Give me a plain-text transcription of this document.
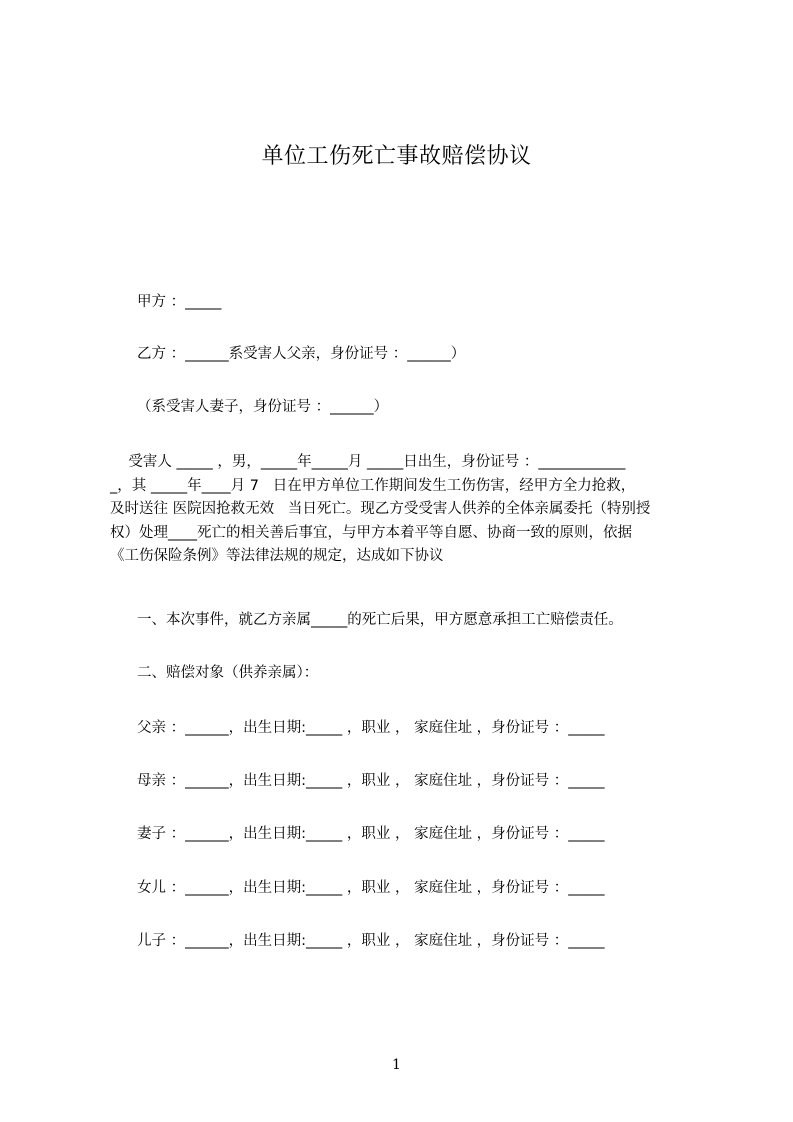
单位工伤死亡事故赔偿协议
甲方 ：_____
乙方 ：______系受害人父亲，身份证号 ：______）
（系受害人妻子，身份证号 ：______）
受害人 _____ ，男，_____年_____月 _____日出生，身份证号 ：____________
_，其 _____年____月 7   日在甲方单位工作期间发生工伤伤害，经甲方全力抢救，
及时送往 医院因抢救无效   当日死亡。现乙方受受害人供养的全体亲属委托（特别授
权）处理____死亡的相关善后事宜，与甲方本着平等自愿、协商一致的原则，依据
《工伤保险条例》等法律法规的规定，达成如下协议
一、本次事件，就乙方亲属_____的死亡后果，甲方愿意承担工亡赔偿责任。
二、赔偿对象（供养亲属）：
父亲 ：______，出生日期:_____ ，职业 ， 家庭住址 ，身份证号 ：_____
母亲 ：______，出生日期:_____ ，职业 ， 家庭住址 ，身份证号 ：_____
妻子 ：______，出生日期:_____ ，职业 ， 家庭住址 ，身份证号 ：_____
女儿 ：______，出生日期:_____ ，职业 ， 家庭住址 ，身份证号 ：_____
儿子 ：______，出生日期:_____ ，职业 ， 家庭住址 ，身份证号 ：_____
1
